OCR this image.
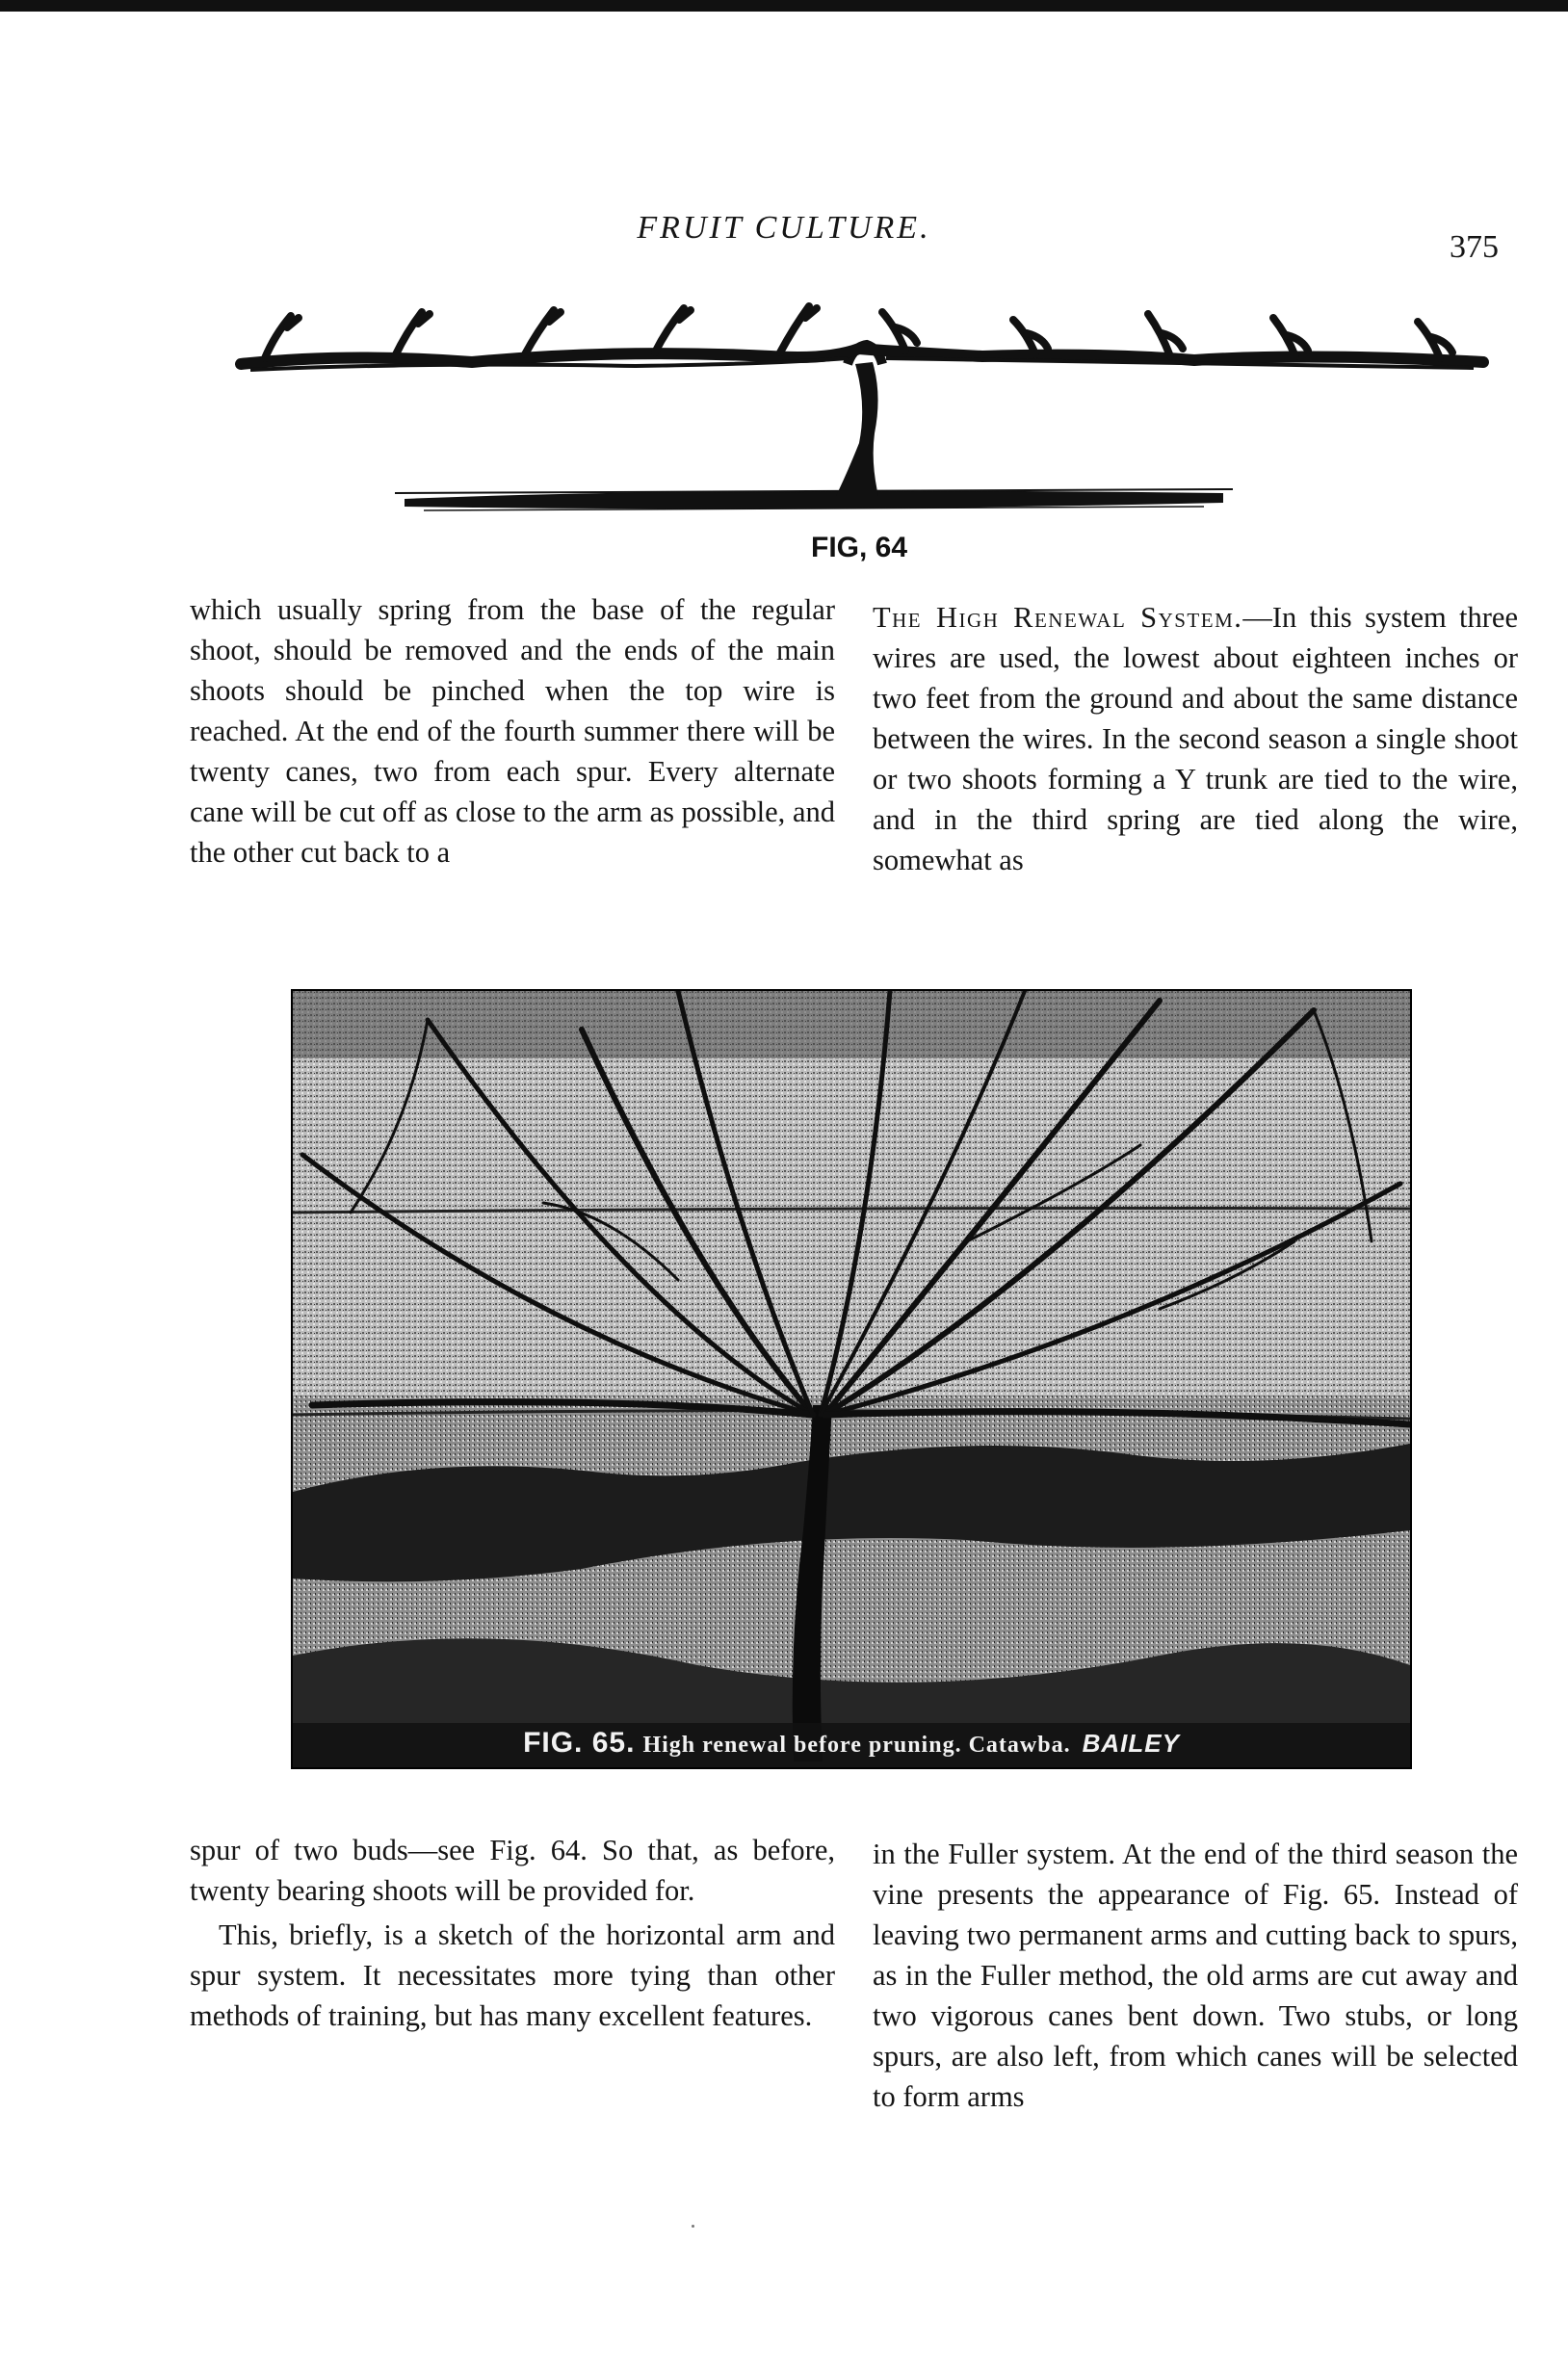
FRUIT CULTURE.
375
FIG, 64

which usually spring from the base of the regular shoot, should be removed and the ends of the main shoots should be pinched when the top wire is reached. At the end of the fourth summer there will be twenty canes, two from each spur. Every alternate cane will be cut off as close to the arm as possible, and the other cut back to a

The High Renewal System.—In this system three wires are used, the lowest about eighteen inches or two feet from the ground and about the same distance between the wires. In the second season a single shoot or two shoots forming a Y trunk are tied to the wire, and in the third spring are tied along the wire, somewhat as

FIG. 65. High renewal before pruning. Catawba. BAILEY

spur of two buds—see Fig. 64. So that, as before, twenty bearing shoots will be provided for.

This, briefly, is a sketch of the horizontal arm and spur system. It necessitates more tying than other methods of training, but has many excellent features.

in the Fuller system. At the end of the third season the vine presents the appearance of Fig. 65. Instead of leaving two permanent arms and cutting back to spurs, as in the Fuller method, the old arms are cut away and two vigorous canes bent down. Two stubs, or long spurs, are also left, from which canes will be selected to form arms
